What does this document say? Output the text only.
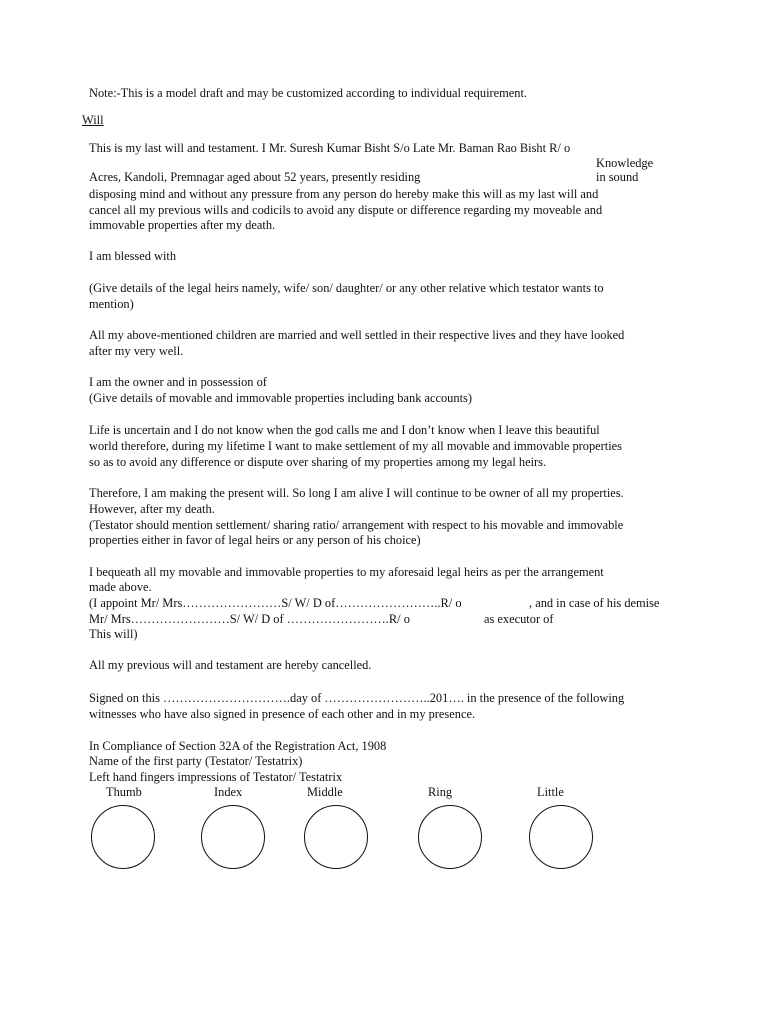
Note:-This is a model draft and may be customized according to individual requirement.
Will
This is my last will and testament. I Mr. Suresh Kumar Bisht S/o Late Mr. Baman Rao Bisht R/ o
Knowledge
Acres, Kandoli, Premnagar aged about 52 years, presently residing	in sound
disposing mind and without any pressure from any person do hereby make this will as my last will and
cancel all my previous wills and codicils to avoid any dispute or difference regarding my moveable and
immovable properties after my death.
I am blessed with
(Give details of the legal heirs namely, wife/ son/ daughter/ or any other relative which testator wants to
mention)
All my above-mentioned children are married and well settled in their respective lives and they have looked
after my very well.
I am the owner and in possession of
(Give details of movable and immovable properties including bank accounts)
Life is uncertain and I do not know when the god calls me and I don’t know when I leave this beautiful
world therefore, during my lifetime I want to make settlement of my all movable and immovable properties
so as to avoid any difference or dispute over sharing of my properties among my legal heirs.
Therefore, I am making the present will. So long I am alive I will continue to be owner of all my properties.
However, after my death.
(Testator should mention settlement/ sharing ratio/ arrangement with respect to his movable and immovable
properties either in favor of legal heirs or any person of his choice)
I bequeath all my movable and immovable properties to my aforesaid legal heirs as per the arrangement
made above.
(I appoint Mr/ Mrs……………………S/ W/ D of……………………..R/ o	, and in case of his demise
Mr/ Mrs……………………S/ W/ D of …………………….R/ o	as executor of
This will)
All my previous will and testament are hereby cancelled.
Signed on this ………………………….day of ……………………..201…. in the presence of the following
witnesses who have also signed in presence of each other and in my presence.
In Compliance of Section 32A of the Registration Act, 1908
Name of the first party (Testator/ Testatrix)
Left hand fingers impressions of Testator/ Testatrix
Thumb	Index	Middle	Ring	Little
